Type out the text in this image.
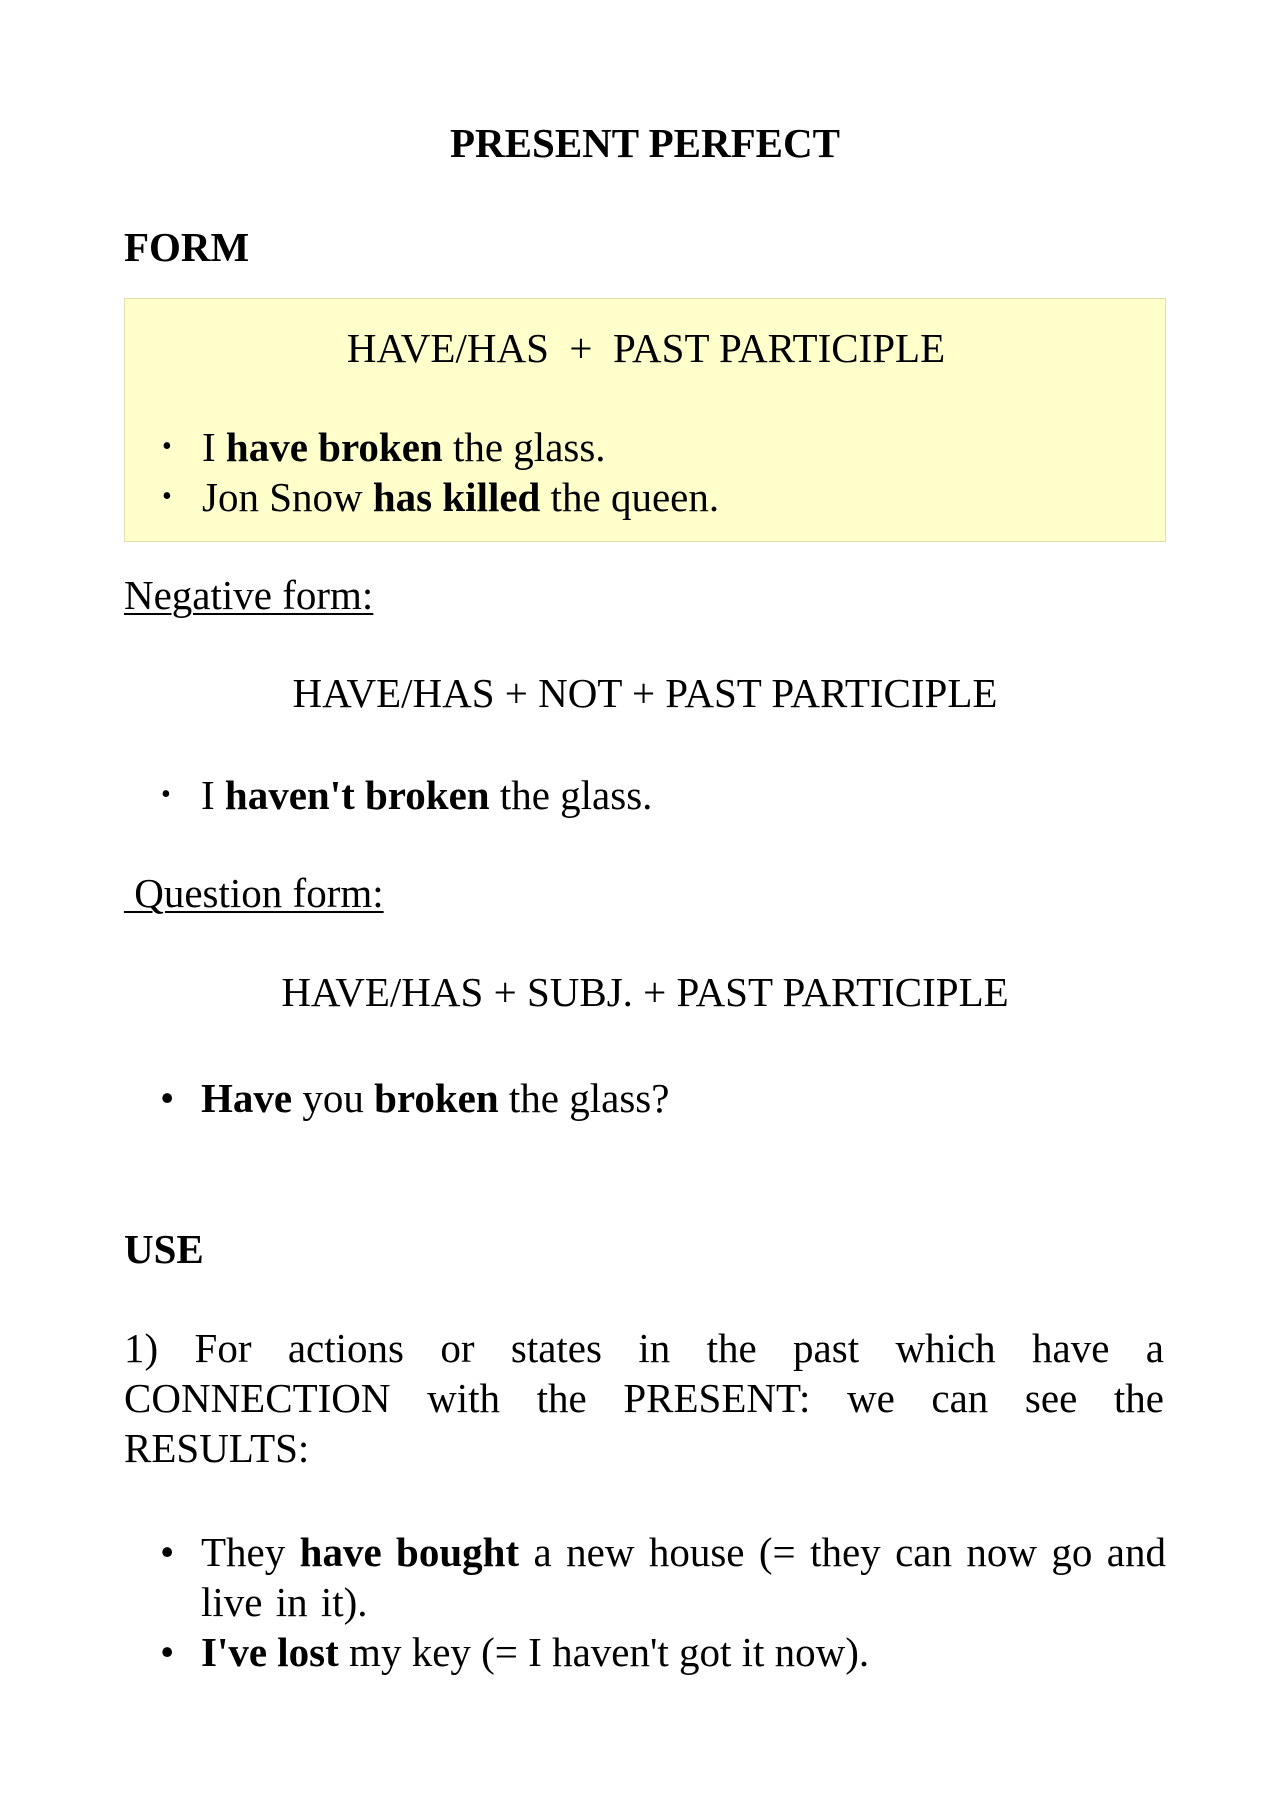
PRESENT PERFECT
FORM
HAVE/HAS  +  PAST PARTICIPLE
• I have broken the glass.
• Jon Snow has killed the queen.
Negative form:
HAVE/HAS + NOT + PAST PARTICIPLE
• I haven't broken the glass.
Question form:
HAVE/HAS + SUBJ. + PAST PARTICIPLE
• Have you broken the glass?
USE
1) For actions or states in the past which have a CONNECTION with the PRESENT: we can see the RESULTS:
• They have bought a new house (= they can now go and live in it).
• I've lost my key (= I haven't got it now).
